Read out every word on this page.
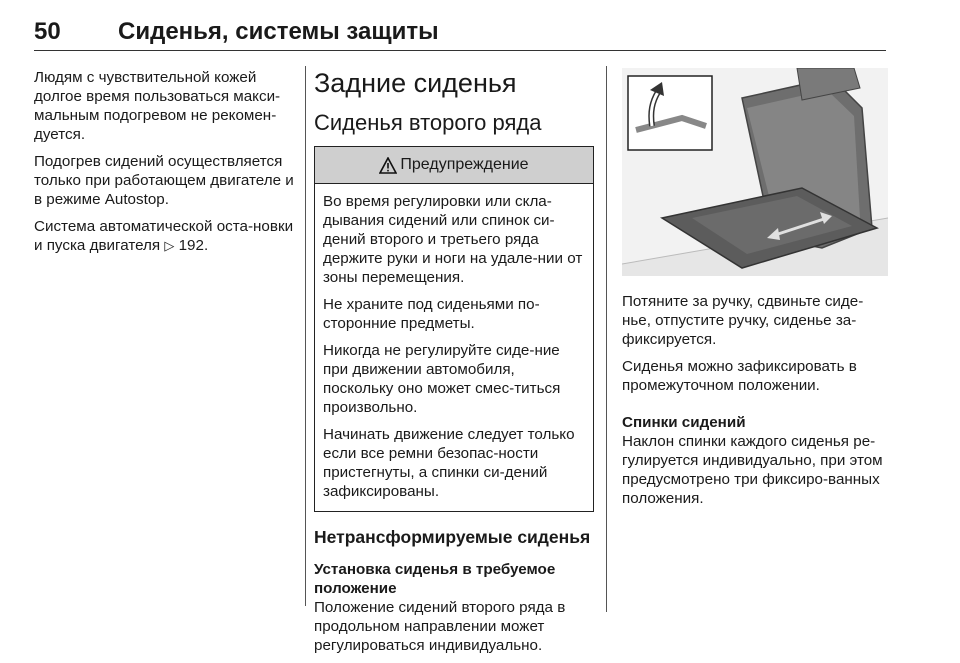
50 Сиденья, системы защиты

Людям с чувствительной кожей долгое время пользоваться макси-мальным подогревом не рекомен-дуется.

Подогрев сидений осуществляется только при работающем двигателе и в режиме Autostop.

Система автоматической оста-новки и пуска двигателя ▷ 192.

Задние сиденья
Сиденья второго ряда
Предупреждение

Во время регулировки или скла-дывания сидений или спинок си-дений второго и третьего ряда держите руки и ноги на удале-нии от зоны перемещения.

Не храните под сиденьями по-сторонние предметы.

Никогда не регулируйте сиде-ние при движении автомобиля, поскольку оно может смес-титься произвольно.

Начинать движение следует только если все ремни безопас-ности пристегнуты, а спинки си-дений зафиксированы.

Нетрансформируемые сиденья
Установка сиденья в требуемое положение

Положение сидений второго ряда в продольном направлении может регулироваться индивидуально.

Потяните за ручку, сдвиньте сиде-нье, отпустите ручку, сиденье за-фиксируется.

Сиденья можно зафиксировать в промежуточном положении.

Спинки сидений

Наклон спинки каждого сиденья ре-гулируется индивидуально, при этом предусмотрено три фиксиро-ванных положения.
